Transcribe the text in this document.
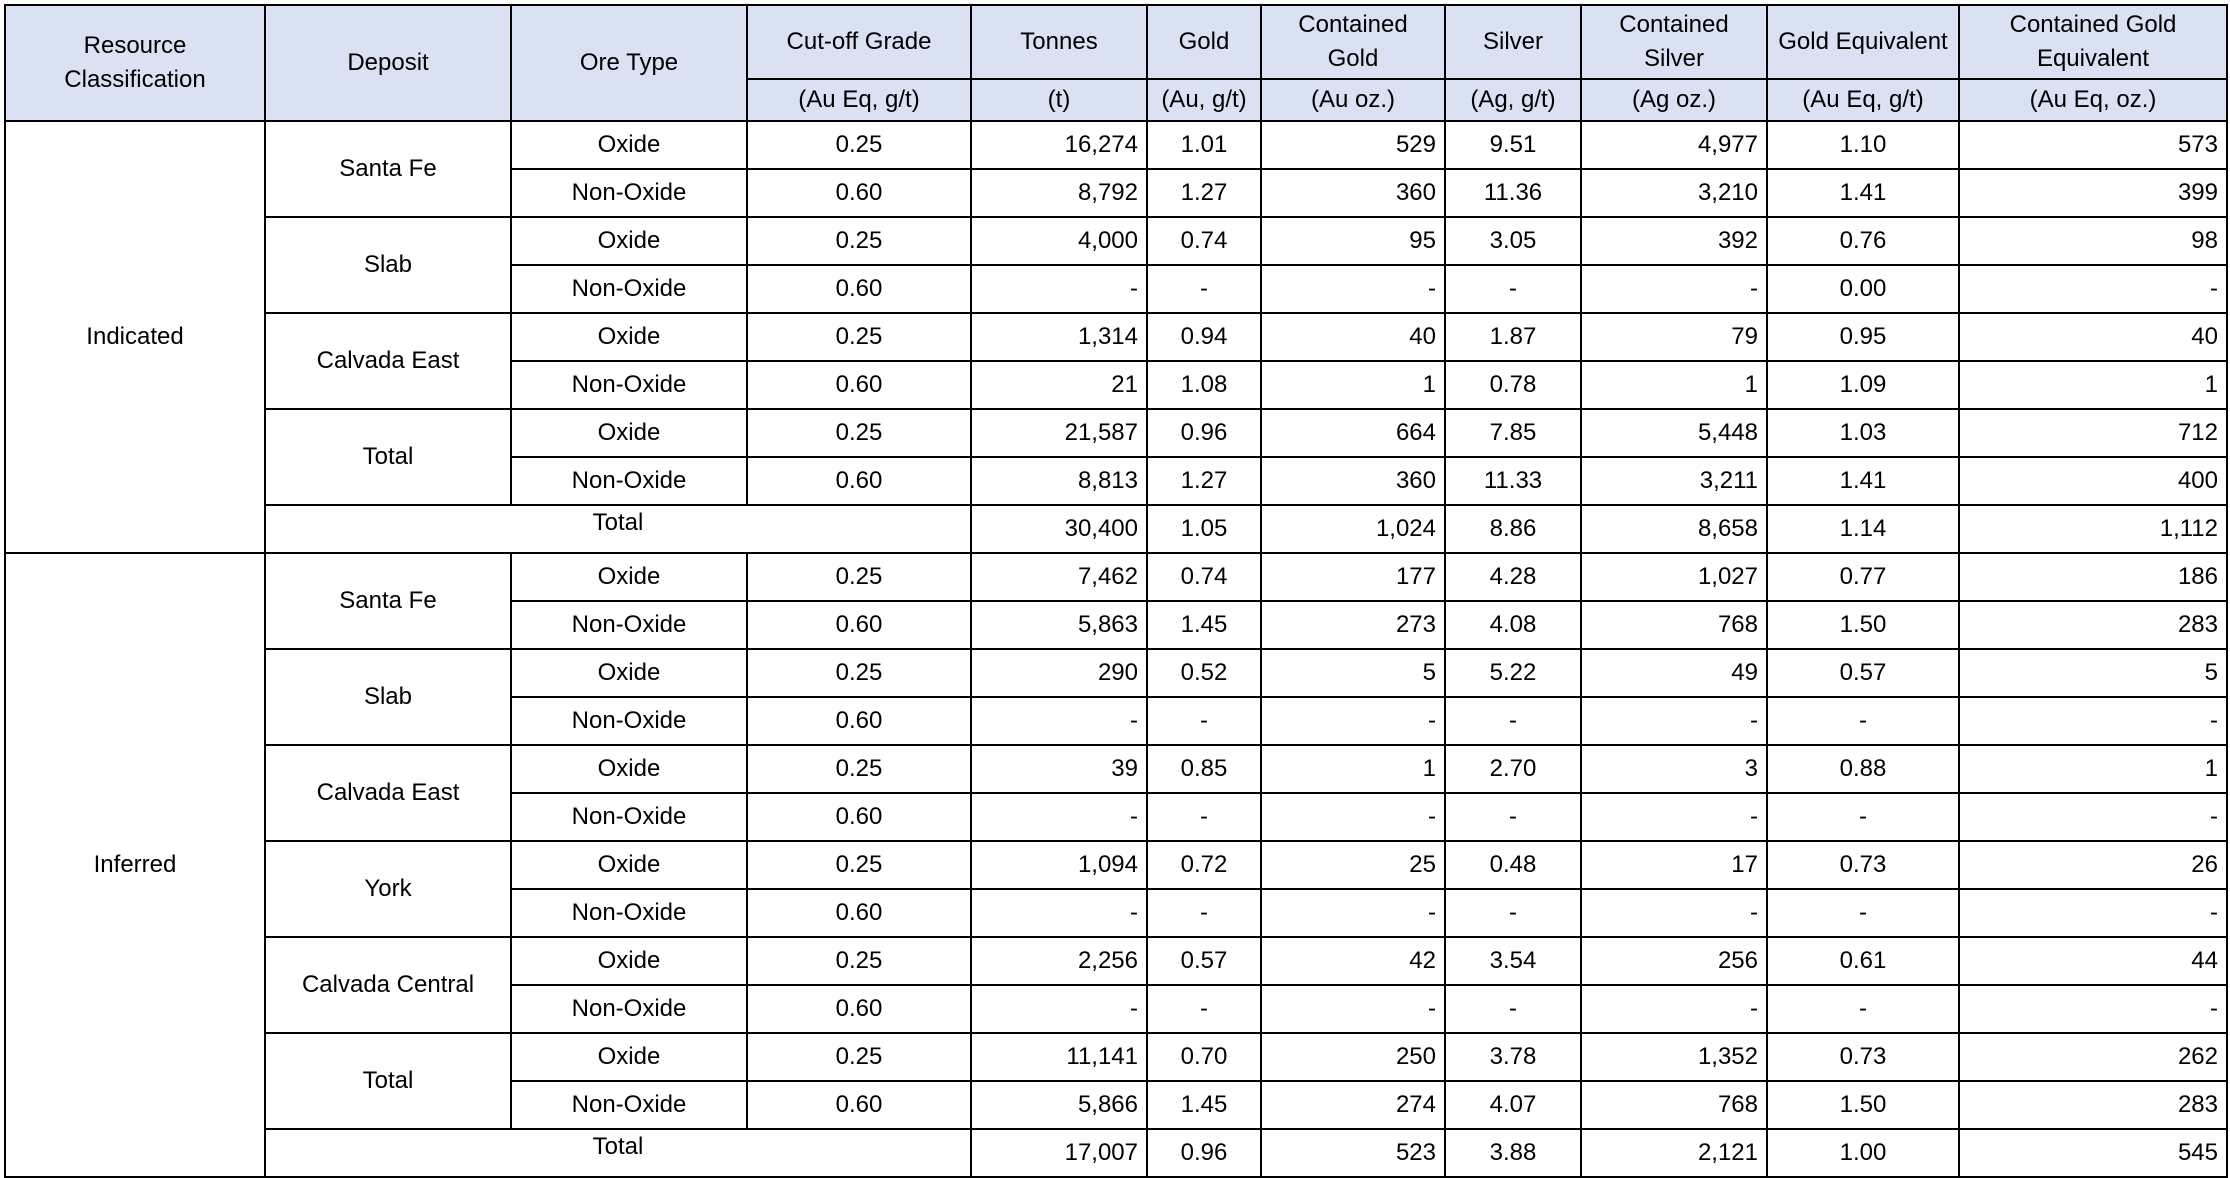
Resource Classification	Deposit	Ore Type	Cut-off Grade	Tonnes	Gold	Contained Gold	Silver	Contained Silver	Gold Equivalent	Contained Gold Equivalent
			(Au Eq, g/t)	(t)	(Au, g/t)	(Au oz.)	(Ag, g/t)	(Ag oz.)	(Au Eq, g/t)	(Au Eq, oz.)
Indicated	Santa Fe	Oxide	0.25	16,274	1.01	529	9.51	4,977	1.10	573
		Non-Oxide	0.60	8,792	1.27	360	11.36	3,210	1.41	399
	Slab	Oxide	0.25	4,000	0.74	95	3.05	392	0.76	98
		Non-Oxide	0.60	-	-	-	-	-	0.00	-
	Calvada East	Oxide	0.25	1,314	0.94	40	1.87	79	0.95	40
		Non-Oxide	0.60	21	1.08	1	0.78	1	1.09	1
	Total	Oxide	0.25	21,587	0.96	664	7.85	5,448	1.03	712
		Non-Oxide	0.60	8,813	1.27	360	11.33	3,211	1.41	400
	Total			30,400	1.05	1,024	8.86	8,658	1.14	1,112
Inferred	Santa Fe	Oxide	0.25	7,462	0.74	177	4.28	1,027	0.77	186
		Non-Oxide	0.60	5,863	1.45	273	4.08	768	1.50	283
	Slab	Oxide	0.25	290	0.52	5	5.22	49	0.57	5
		Non-Oxide	0.60	-	-	-	-	-	-	-
	Calvada East	Oxide	0.25	39	0.85	1	2.70	3	0.88	1
		Non-Oxide	0.60	-	-	-	-	-	-	-
	York	Oxide	0.25	1,094	0.72	25	0.48	17	0.73	26
		Non-Oxide	0.60	-	-	-	-	-	-	-
	Calvada Central	Oxide	0.25	2,256	0.57	42	3.54	256	0.61	44
		Non-Oxide	0.60	-	-	-	-	-	-	-
	Total	Oxide	0.25	11,141	0.70	250	3.78	1,352	0.73	262
		Non-Oxide	0.60	5,866	1.45	274	4.07	768	1.50	283
	Total			17,007	0.96	523	3.88	2,121	1.00	545
